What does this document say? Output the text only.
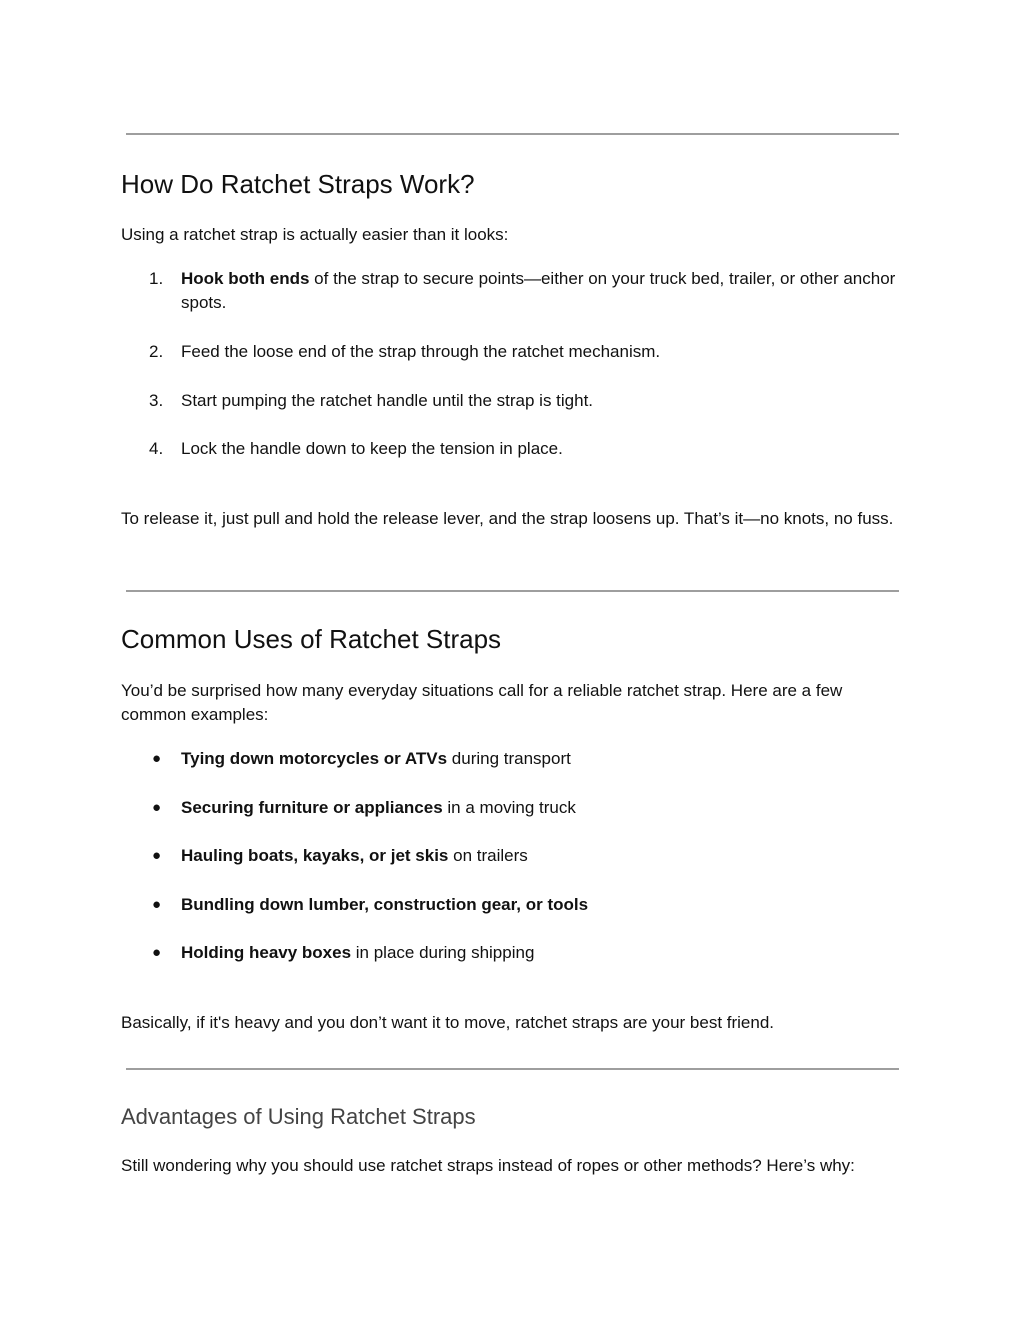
How Do Ratchet Straps Work?

Using a ratchet strap is actually easier than it looks:

1.	Hook both ends of the strap to secure points—either on your truck bed, trailer, or other anchor spots.
2.	Feed the loose end of the strap through the ratchet mechanism.
3.	Start pumping the ratchet handle until the strap is tight.
4.	Lock the handle down to keep the tension in place.

To release it, just pull and hold the release lever, and the strap loosens up. That’s it—no knots, no fuss.

Common Uses of Ratchet Straps

You’d be surprised how many everyday situations call for a reliable ratchet strap. Here are a few common examples:

● Tying down motorcycles or ATVs during transport
● Securing furniture or appliances in a moving truck
● Hauling boats, kayaks, or jet skis on trailers
● Bundling down lumber, construction gear, or tools
● Holding heavy boxes in place during shipping

Basically, if it's heavy and you don’t want it to move, ratchet straps are your best friend.

Advantages of Using Ratchet Straps

Still wondering why you should use ratchet straps instead of ropes or other methods? Here’s why:
